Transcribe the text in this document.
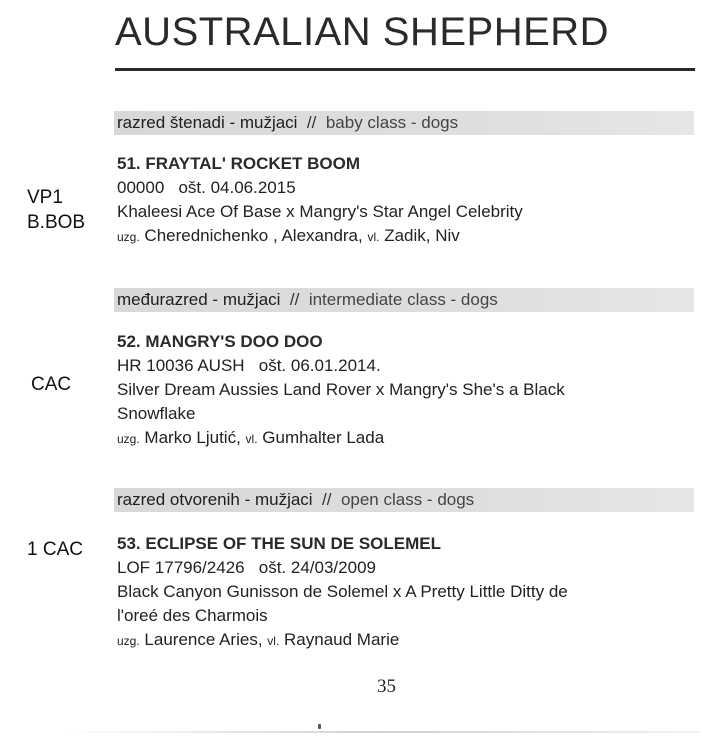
AUSTRALIAN SHEPHERD
razred štenadi - mužjaci // baby class - dogs
VP1
B.BOB
51. FRAYTAL' ROCKET BOOM
00000   ošt. 04.06.2015
Khaleesi Ace Of Base x Mangry's Star Angel Celebrity
uzg. Cherednichenko , Alexandra, vl. Zadik, Niv
međurazred - mužjaci // intermediate class - dogs
CAC
52. MANGRY'S DOO DOO
HR 10036 AUSH   ošt. 06.01.2014.
Silver Dream Aussies Land Rover x Mangry's She's a Black
Snowflake
uzg. Marko Ljutić, vl. Gumhalter Lada
razred otvorenih - mužjaci // open class - dogs
1 CAC 53. ECLIPSE OF THE SUN DE SOLEMEL
LOF 17796/2426   ošt. 24/03/2009
Black Canyon Gunisson de Solemel x A Pretty Little Ditty de
l'oreé des Charmois
uzg. Laurence Aries, vl. Raynaud Marie
35
